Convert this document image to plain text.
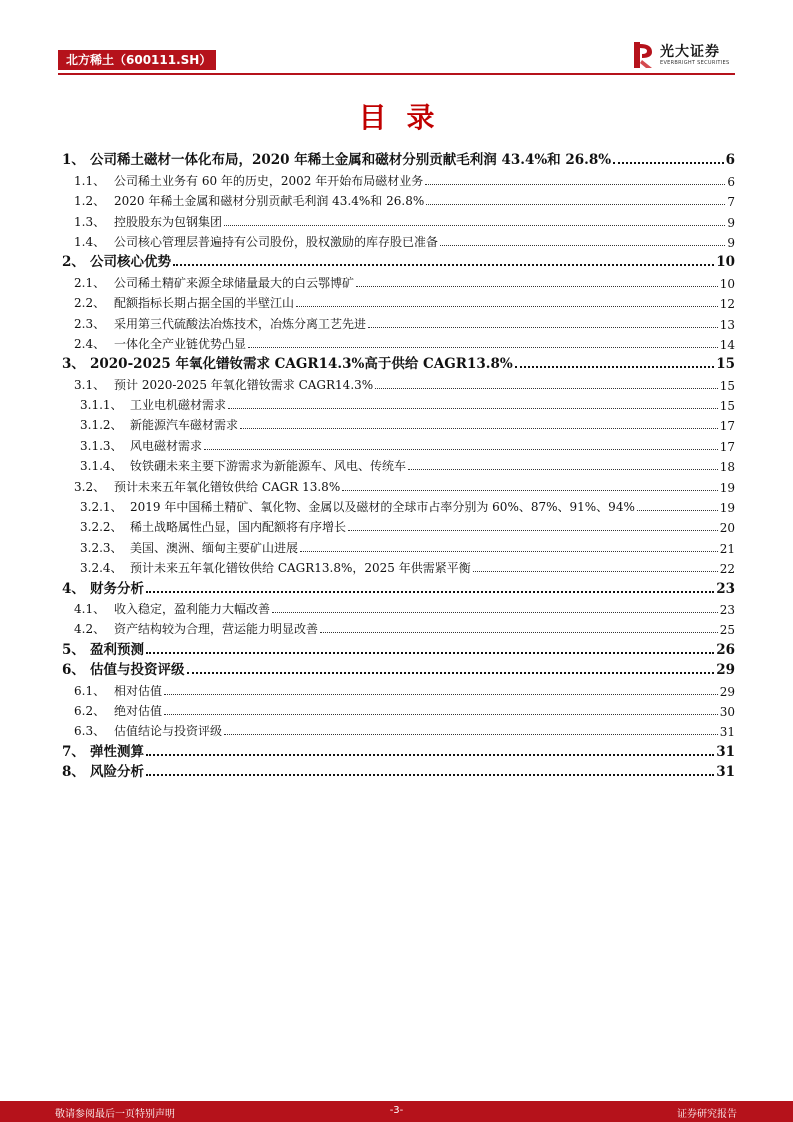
北方稀土（600111.SH）	光大证券
EVERBRIGHT SECURITIES
目录
1、 公司稀土磁材一体化布局，2020 年稀土金属和磁材分别贡献毛利润 43.4%和 26.8%	6
1.1、 公司稀土业务有 60 年的历史，2002 年开始布局磁材业务	6
1.2、 2020 年稀土金属和磁材分别贡献毛利润 43.4%和 26.8%	7
1.3、 控股股东为包钢集团	9
1.4、 公司核心管理层普遍持有公司股份，股权激励的库存股已准备	9
2、 公司核心优势	10
2.1、 公司稀土精矿来源全球储量最大的白云鄂博矿	10
2.2、 配额指标长期占据全国的半壁江山	12
2.3、 采用第三代硫酸法冶炼技术，冶炼分离工艺先进	13
2.4、 一体化全产业链优势凸显	14
3、 2020-2025 年氧化镨钕需求 CAGR14.3%高于供给 CAGR13.8%	15
3.1、 预计 2020-2025 年氧化镨钕需求 CAGR14.3%	15
3.1.1、 工业电机磁材需求	15
3.1.2、 新能源汽车磁材需求	17
3.1.3、 风电磁材需求	17
3.1.4、 钕铁硼未来主要下游需求为新能源车、风电、传统车	18
3.2、 预计未来五年氧化镨钕供给 CAGR 13.8%	19
3.2.1、 2019 年中国稀土精矿、氧化物、金属以及磁材的全球市占率分别为 60%、87%、91%、94%	19
3.2.2、 稀土战略属性凸显，国内配额将有序增长	20
3.2.3、 美国、澳洲、缅甸主要矿山进展	21
3.2.4、 预计未来五年氧化镨钕供给 CAGR13.8%，2025 年供需紧平衡	22
4、 财务分析	23
4.1、 收入稳定，盈利能力大幅改善	23
4.2、 资产结构较为合理，营运能力明显改善	25
5、 盈利预测	26
6、 估值与投资评级	29
6.1、 相对估值	29
6.2、 绝对估值	30
6.3、 估值结论与投资评级	31
7、 弹性测算	31
8、 风险分析	31
敬请参阅最后一页特别声明	-3-	证券研究报告
